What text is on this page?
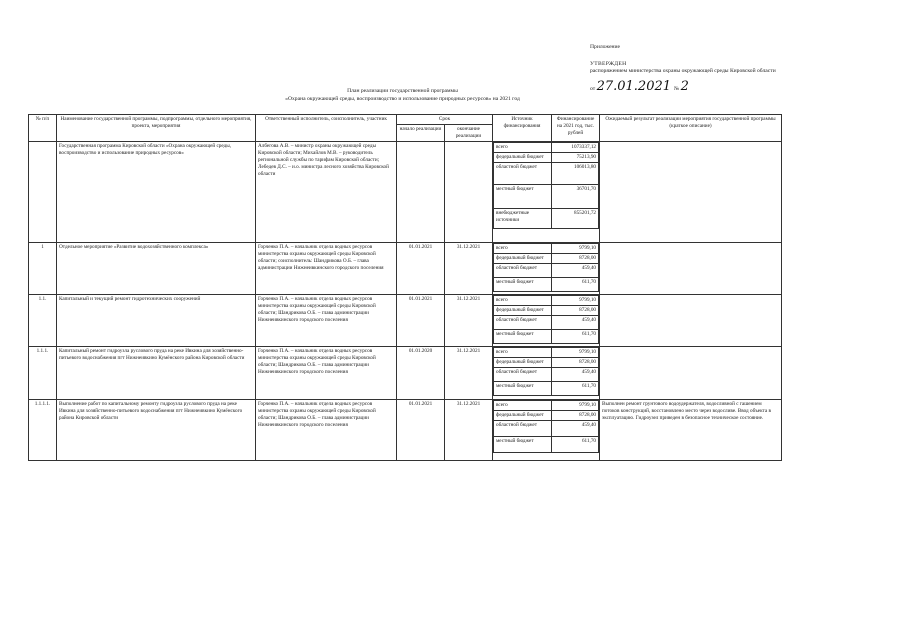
Приложение
УТВЕРЖДЕН
распоряжением министерства охраны окружающей среды Кировской области
от 27.01.2021 № 2
План реализации государственной программы
«Охрана окружающей среды, воспроизводство и использование природных ресурсов» на 2021 год
№ п/п	Наименование государственной программы, подпрограммы, отдельного мероприятия, проекта, мероприятия	Ответственный исполнитель, соисполнитель, участник	Срок	Источник финансирования	Финансирование на 2021 год, тыс. рублей	Ожидаемый результат реализации мероприятия государственной программы (краткое описание)
начало реализации	окончание реализации
	Государственная программа Кировской области «Охрана окружающей среды, воспроизводство и использование природных ресурсов»	Албегова А.В. – министр охраны окружающей среды Кировской области; Михайлов М.В. – руководитель региональной службы по тарифам Кировской области; Лебедев Д.С. – и.о. министра лесного хозяйства Кировской области			
всего	1073337,12
федеральный бюджет	75213,90
областной бюджет	106013,80
местный бюджет	36701,70
внебюджетные источники	855201,72

1	Отдельное мероприятие «Развитие водохозяйственного комплекса»	Горченко П.А. – начальник отдела водных ресурсов министерства охраны окружающей среды Кировской области; соисполнитель: Шандрикова О.Б. – глава администрации Нижнеивкинского городского поселения	01.01.2021	31.12.2021		всего	9799,10
федеральный бюджет	8728,00
областной бюджет	459,40
местный бюджет	611,70

1.1.	Капитальный и текущий ремонт гидротехнических сооружений	Горченко П.А. – начальник отдела водных ресурсов министерства охраны окружающей среды Кировской области; Шандрикова О.Б. – глава администрации Нижнеивкинского городского поселения	01.01.2021	31.12.2021		всего	9799,10
федеральный бюджет	8728,00
областной бюджет	459,40
местный бюджет	611,70

1.1.1.	Капитальный ремонт гидроузла руслового пруда на реке Ивкина для хозяйственно-питьевого водоснабжения пгт Нижнеивкино Кумёнского района Кировской области	Горченко П.А. – начальник отдела водных ресурсов министерства охраны окружающей среды Кировской области; Шандрикова О.Б. – глава администрации Нижнеивкинского городского поселения	01.01.2020	31.12.2021		всего	9799,10
федеральный бюджет	8728,00
областной бюджет	459,40
местный бюджет	611,70

1.1.1.1.	Выполнение работ по капитальному ремонту гидроузла руслового пруда на реке Ивкина для хозяйственно-питьевого водоснабжения пгт Нижнеивкино Кумёнского района Кировской области	Горченко П.А. – начальник отдела водных ресурсов министерства охраны окружающей среды Кировской области; Шандрикова О.Б. – глава администрации Нижнеивкинского городского поселения	01.01.2021	31.12.2021		всего	9799,10
федеральный бюджет	8728,00
областной бюджет	459,40
местный бюджет	611,70
	Выполнен ремонт грунтового водоудержателя, водосливной с гашением потоков конструкций, восстановлено место через водосливе. Ввод объекта в эксплуатацию. Гидроузел приведен в безопасное техническое состояние.
